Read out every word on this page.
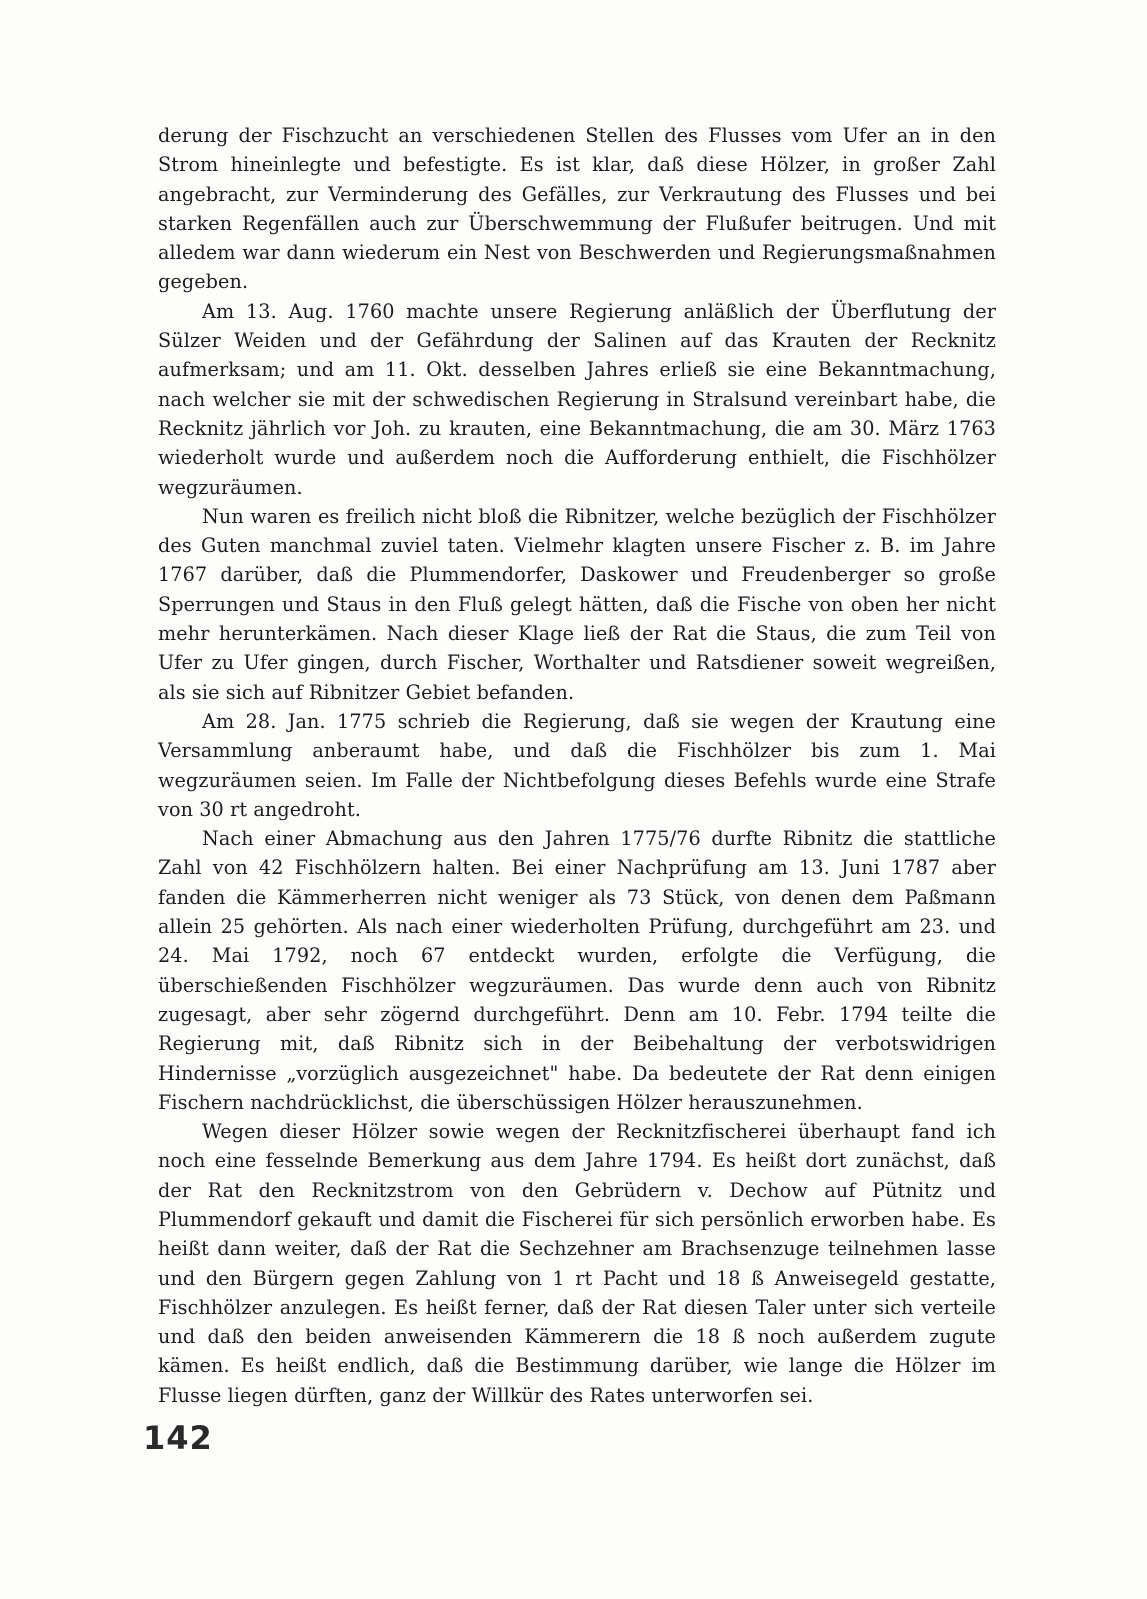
derung der Fischzucht an verschiedenen Stellen des Flusses vom Ufer an in den Strom hineinlegte und befestigte. Es ist klar, daß diese Hölzer, in großer Zahl angebracht, zur Verminderung des Gefälles, zur Verkrautung des Flusses und bei starken Regenfällen auch zur Überschwemmung der Flußufer beitrugen. Und mit alledem war dann wiederum ein Nest von Beschwerden und Regierungsmaßnahmen gegeben.

Am 13. Aug. 1760 machte unsere Regierung anläßlich der Überflutung der Sülzer Weiden und der Gefährdung der Salinen auf das Krauten der Recknitz aufmerksam; und am 11. Okt. desselben Jahres erließ sie eine Bekanntmachung, nach welcher sie mit der schwedischen Regierung in Stralsund vereinbart habe, die Recknitz jährlich vor Joh. zu krauten, eine Bekanntmachung, die am 30. März 1763 wiederholt wurde und außerdem noch die Aufforderung enthielt, die Fischhölzer wegzuräumen.

Nun waren es freilich nicht bloß die Ribnitzer, welche bezüglich der Fischhölzer des Guten manchmal zuviel taten. Vielmehr klagten unsere Fischer z. B. im Jahre 1767 darüber, daß die Plummendorfer, Daskower und Freudenberger so große Sperrungen und Staus in den Fluß gelegt hätten, daß die Fische von oben her nicht mehr herunterkämen. Nach dieser Klage ließ der Rat die Staus, die zum Teil von Ufer zu Ufer gingen, durch Fischer, Worthalter und Ratsdiener soweit wegreißen, als sie sich auf Ribnitzer Gebiet befanden.

Am 28. Jan. 1775 schrieb die Regierung, daß sie wegen der Krautung eine Versammlung anberaumt habe, und daß die Fischhölzer bis zum 1. Mai wegzuräumen seien. Im Falle der Nichtbefolgung dieses Befehls wurde eine Strafe von 30 rt angedroht.

Nach einer Abmachung aus den Jahren 1775/76 durfte Ribnitz die stattliche Zahl von 42 Fischhölzern halten. Bei einer Nachprüfung am 13. Juni 1787 aber fanden die Kämmerherren nicht weniger als 73 Stück, von denen dem Paßmann allein 25 gehörten. Als nach einer wiederholten Prüfung, durchgeführt am 23. und 24. Mai 1792, noch 67 entdeckt wurden, erfolgte die Verfügung, die überschießenden Fischhölzer wegzuräumen. Das wurde denn auch von Ribnitz zugesagt, aber sehr zögernd durchgeführt. Denn am 10. Febr. 1794 teilte die Regierung mit, daß Ribnitz sich in der Beibehaltung der verbotswidrigen Hindernisse „vorzüglich ausgezeichnet" habe. Da bedeutete der Rat denn einigen Fischern nachdrücklichst, die überschüssigen Hölzer herauszunehmen.

Wegen dieser Hölzer sowie wegen der Recknitzfischerei überhaupt fand ich noch eine fesselnde Bemerkung aus dem Jahre 1794. Es heißt dort zunächst, daß der Rat den Recknitzstrom von den Gebrüdern v. Dechow auf Pütnitz und Plummendorf gekauft und damit die Fischerei für sich persönlich erworben habe. Es heißt dann weiter, daß der Rat die Sechzehner am Brachsenzuge teilnehmen lasse und den Bürgern gegen Zahlung von 1 rt Pacht und 18 ß Anweisegeld gestatte, Fischhölzer anzulegen. Es heißt ferner, daß der Rat diesen Taler unter sich verteile und daß den beiden anweisenden Kämmerern die 18 ß noch außerdem zugute kämen. Es heißt endlich, daß die Bestimmung darüber, wie lange die Hölzer im Flusse liegen dürften, ganz der Willkür des Rates unterworfen sei.

142
